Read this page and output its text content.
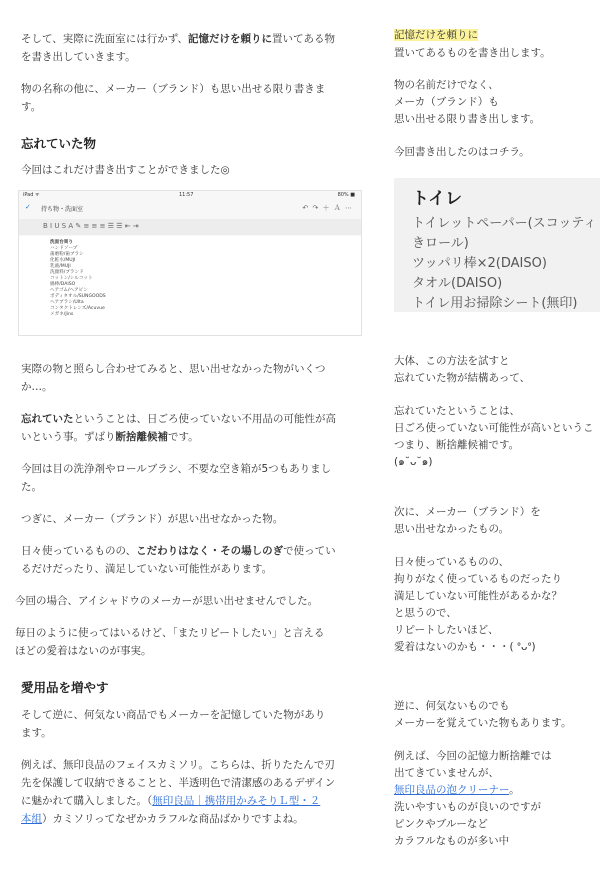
そして、実際に洗面室には行かず、記憶だけを頼りに置いてある物
を書き出していきます。
物の名称の他に、メーカー（ブランド）も思い出せる限り書きま
す。
忘れていた物
今回はこれだけ書き出すことができました◎
iPad ᯤ	11:57	80% ■
✓ 持ち物・洗面室	↶ ↷ ＋ Ａ ⋯
B I U S A ✎ ≡ ≡ ≡ ☰ ☰ ⇤ ⇥
洗面台周り
ハンドソープ
歯磨粉/歯ブラシ
化粧水/MUJI
乳液/MUJI
洗顔料/ブランド
コットン/シルコット
綿棒/DAISO
ヘアゴム/ヘアピン
ボディタオル/SUNGOODS
ヘアブラシ/Ulta
コンタクトレンズ/Acuvue
メガネ/Jins
実際の物と照らし合わせてみると、思い出せなかった物がいくつ
か…。
忘れていたということは、日ごろ使っていない不用品の可能性が高
いという事。ずばり断捨離候補です。
今回は目の洗浄剤やロールブラシ、不要な空き箱が5つもありまし
た。
つぎに、メーカー（ブランド）が思い出せなかった物。
日々使っているものの、こだわりはなく・その場しのぎで使ってい
るだけだったり、満足していない可能性があります。
今回の場合、アイシャドウのメーカーが思い出せませんでした。
毎日のように使ってはいるけど、「またリピートしたい」と言える
ほどの愛着はないのが事実。
愛用品を増やす
そして逆に、何気ない商品でもメーカーを記憶していた物があり
ます。
例えば、無印良品のフェイスカミソリ。こちらは、折りたたんで刃
先を保護して収納できることと、半透明色で清潔感のあるデザイン
に魅かれて購入しました。（無印良品｜携帯用かみそりＬ型・２
本組）カミソリってなぜかカラフルな商品ばかりですよね。
記憶だけを頼りに
置いてあるものを書き出します。
物の名前だけでなく、
メーカ（ブランド）も
思い出せる限り書き出します。
今回書き出したのはコチラ。
トイレ
トイレットペーパー(スコッティ
きロール)
ツッパリ棒×2(DAISO)
タオル(DAISO)
トイレ用お掃除シート(無印)
大体、この方法を試すと
忘れていた物が結構あって、
忘れていたということは、
日ごろ使っていない可能性が高いというこ
つまり、断捨離候補です。
(๑˘ᴗ˘๑)
次に、メーカー（ブランド）を
思い出せなかったもの。
日々使っているものの、
拘りがなく使っているものだったり
満足していない可能性があるかな？
と思うので、
リピートしたいほど、
愛着はないのかも・・・( ᐤᴗᐤ)
逆に、何気ないものでも
メーカーを覚えていた物もあります。
例えば、今回の記憶力断捨離では
出てきていませんが、
無印良品の泡クリーナー。
洗いやすいものが良いのですが
ピンクやブルーなど
カラフルなものが多い中
